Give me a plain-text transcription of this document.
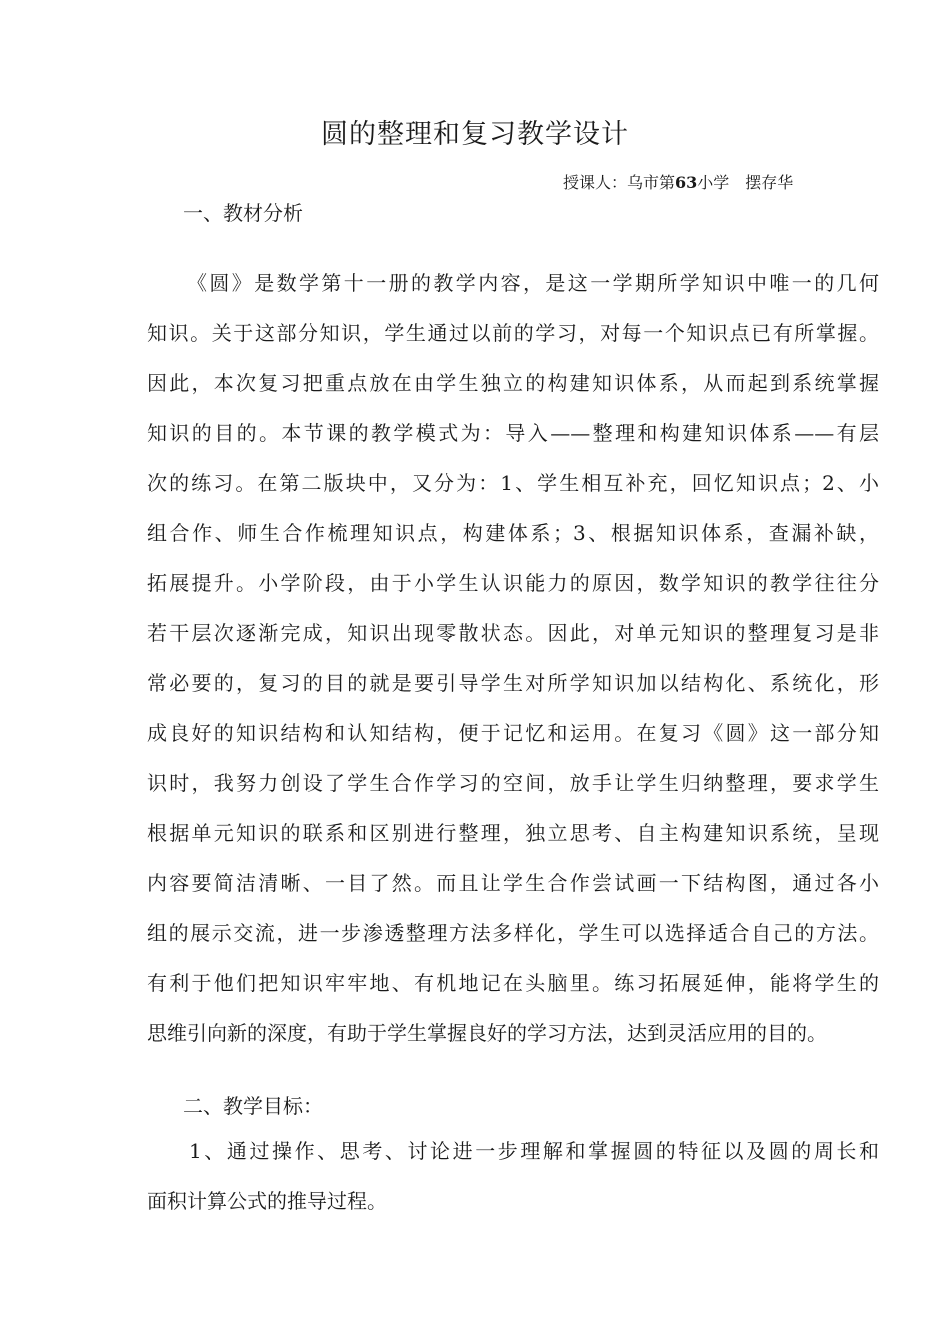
圆的整理和复习教学设计
授课人：乌市第63小学　摆存华
一、教材分析
《圆》是数学第十一册的教学内容，是这一学期所学知识中唯一的几何
知识。关于这部分知识，学生通过以前的学习，对每一个知识点已有所掌握。
因此，本次复习把重点放在由学生独立的构建知识体系，从而起到系统掌握
知识的目的。本节课的教学模式为：导入——整理和构建知识体系——有层
次的练习。在第二版块中，又分为：1、学生相互补充，回忆知识点；2、小
组合作、师生合作梳理知识点，构建体系；3、根据知识体系，查漏补缺，
拓展提升。小学阶段，由于小学生认识能力的原因，数学知识的教学往往分
若干层次逐渐完成，知识出现零散状态。因此，对单元知识的整理复习是非
常必要的，复习的目的就是要引导学生对所学知识加以结构化、系统化，形
成良好的知识结构和认知结构，便于记忆和运用。在复习《圆》这一部分知
识时，我努力创设了学生合作学习的空间，放手让学生归纳整理，要求学生
根据单元知识的联系和区别进行整理，独立思考、自主构建知识系统，呈现
内容要简洁清晰、一目了然。而且让学生合作尝试画一下结构图，通过各小
组的展示交流，进一步渗透整理方法多样化，学生可以选择适合自己的方法。
有利于他们把知识牢牢地、有机地记在头脑里。练习拓展延伸，能将学生的
思维引向新的深度，有助于学生掌握良好的学习方法，达到灵活应用的目的。
二、教学目标：
1、通过操作、思考、讨论进一步理解和掌握圆的特征以及圆的周长和
面积计算公式的推导过程。
